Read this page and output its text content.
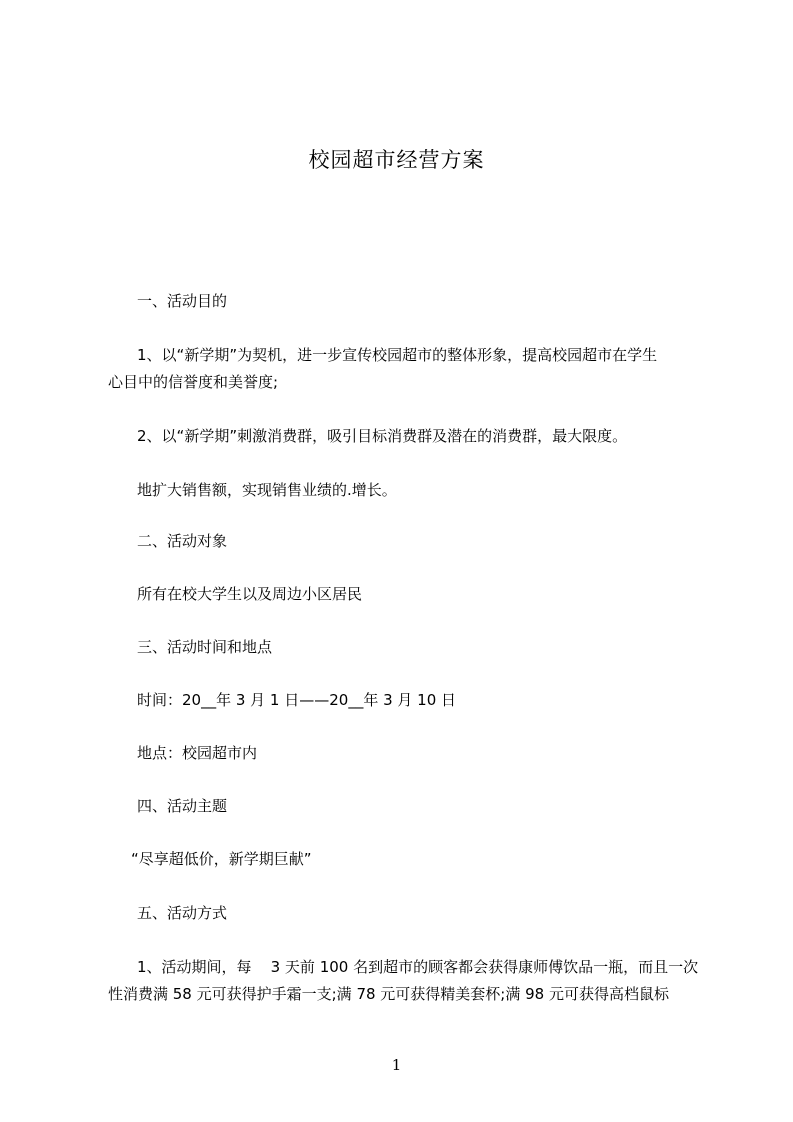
校园超市经营方案
一、活动目的
1、以“新学期”为契机，进一步宣传校园超市的整体形象，提高校园超市在学生
心目中的信誉度和美誉度;
2、以“新学期”刺激消费群，吸引目标消费群及潜在的消费群，最大限度。
地扩大销售额，实现销售业绩的.增长。
二、活动对象
所有在校大学生以及周边小区居民
三、活动时间和地点
时间：20__年 3 月 1 日——20__年 3 月 10 日
地点：校园超市内
四、活动主题
“尽享超低价，新学期巨献”
五、活动方式
1、活动期间，每    3 天前 100 名到超市的顾客都会获得康师傅饮品一瓶，而且一次
性消费满 58 元可获得护手霜一支;满 78 元可获得精美套杯;满 98 元可获得高档鼠标
1
